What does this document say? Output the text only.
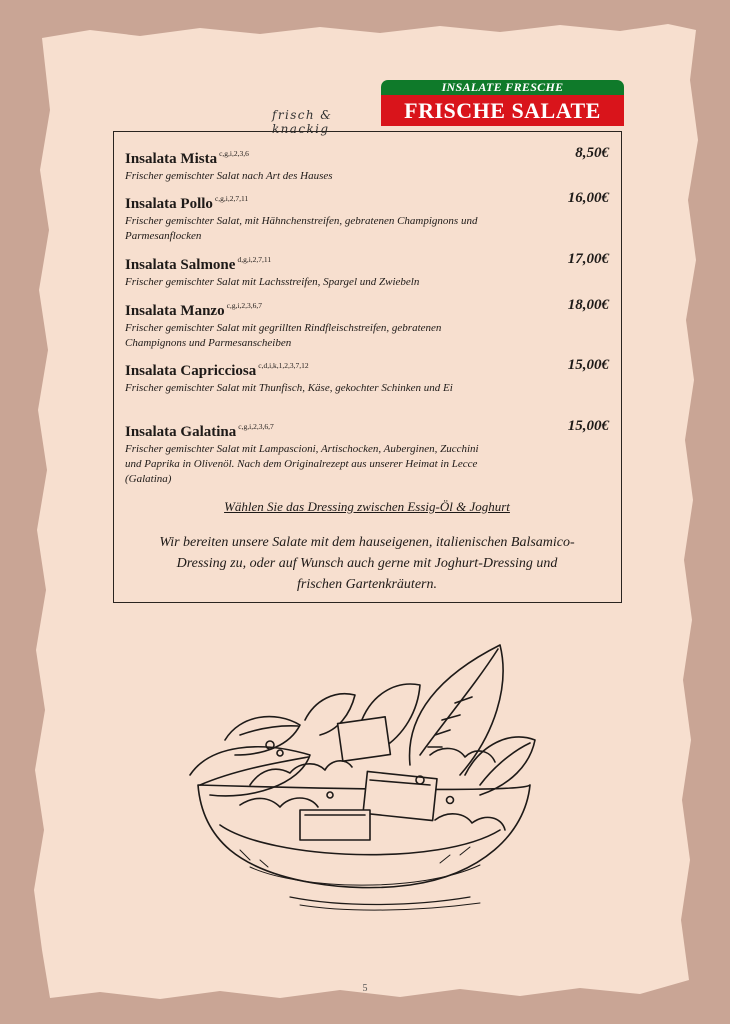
frisch & knackig
INSALATE FRESCHE
FRISCHE SALATE
Insalata Mista $^{c,g,i,2,3,6}$	8,50€
Frischer gemischter Salat nach Art des Hauses
Insalata Pollo $^{c,g,i,2,7,11}$	16,00€
Frischer gemischter Salat, mit Hähnchenstreifen, gebratenen Champignons und Parmesanflocken
Insalata Salmone $^{d,g,i,2,7,11}$	17,00€
Frischer gemischter Salat mit Lachsstreifen, Spargel und Zwiebeln
Insalata Manzo $^{c,g,i,2,3,6,7}$	18,00€
Frischer gemischter Salat mit gegrillten Rindfleischstreifen, gebratenen Champignons und Parmesanscheiben
Insalata Capricciosa $^{c,d,i,k,1,2,3,7,12}$	15,00€
Frischer gemischter Salat mit Thunfisch, Käse, gekochter Schinken und Ei
Insalata Galatina $^{c,g,i,2,3,6,7}$	15,00€
Frischer gemischter Salat mit Lampascioni, Artischocken, Auberginen, Zucchini und Paprika in Olivenöl. Nach dem Originalrezept aus unserer Heimat in Lecce (Galatina)
Wählen Sie das Dressing zwischen Essig-Öl & Joghurt
Wir bereiten unsere Salate mit dem hauseigenen, italienischen Balsamico-Dressing zu, oder auf Wunsch auch gerne mit Joghurt-Dressing und frischen Gartenkräutern.
5
